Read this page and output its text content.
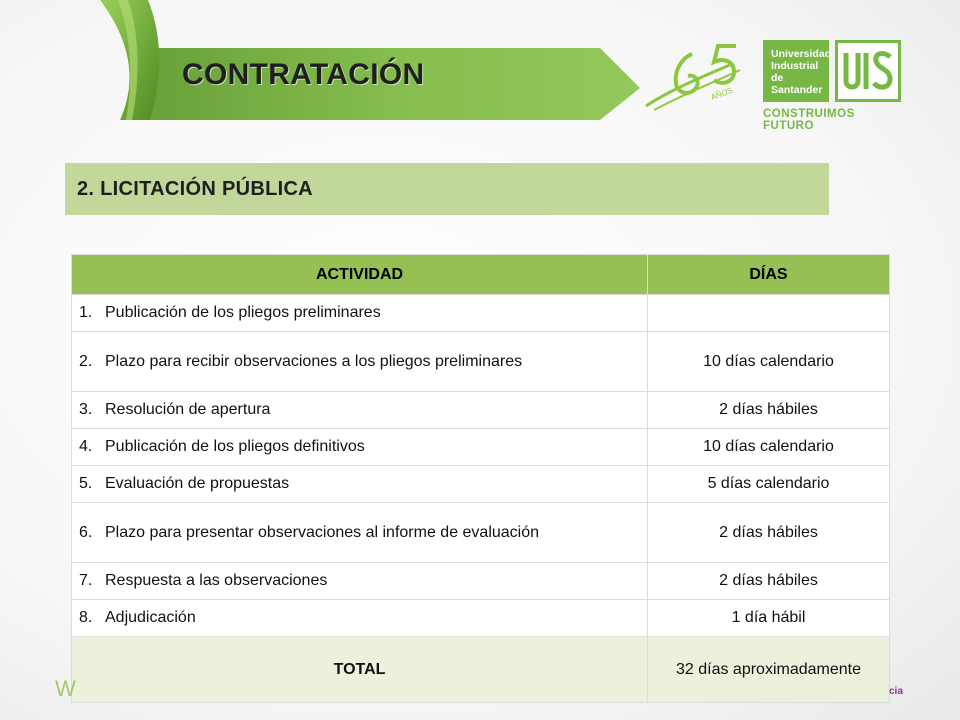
CONTRATACIÓN
AÑOS
Universidad
Industrial de
Santander
CONSTRUIMOS FUTURO
2. LICITACIÓN PÚBLICA
ACTIVIDAD	DÍAS

1. Publicación de los pliegos preliminares	

2. Plazo para recibir observaciones a los pliegos preliminares	10 días calendario

3. Resolución de apertura	2 días hábiles

4. Publicación de los pliegos definitivos	10 días calendario

5. Evaluación de propuestas	5 días calendario

6. Plazo para presentar observaciones al informe de evaluación	2 días hábiles

7. Respuesta a las observaciones	2 días hábiles

8. Adjudicación	1 día hábil
TOTAL	32 días aproximadamente
W	cia
